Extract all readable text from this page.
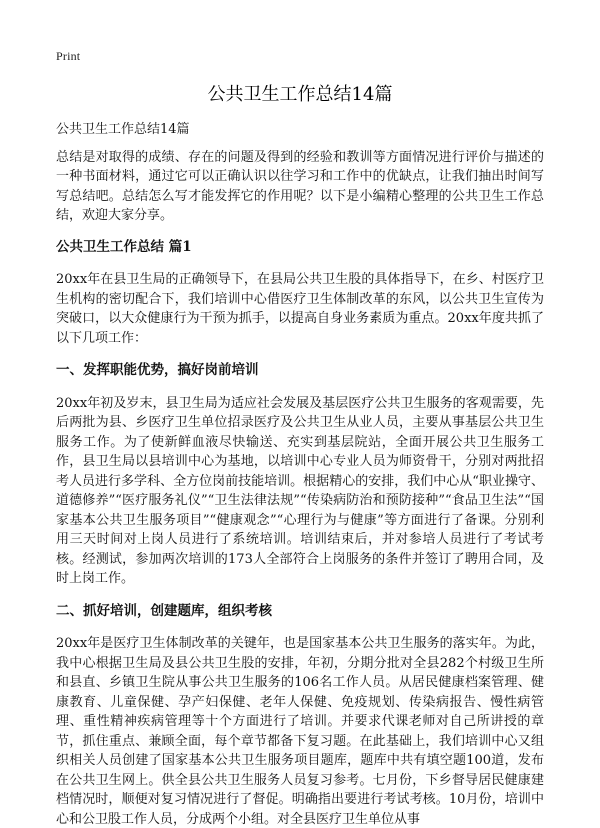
Print
公共卫生工作总结14篇

公共卫生工作总结14篇

总结是对取得的成绩、存在的问题及得到的经验和教训等方面情况进行评价与描述的一种书面材料，通过它可以正确认识以往学习和工作中的优缺点，让我们抽出时间写写总结吧。总结怎么写才能发挥它的作用呢？以下是小编精心整理的公共卫生工作总结，欢迎大家分享。

公共卫生工作总结 篇1

20xx年在县卫生局的正确领导下，在县局公共卫生股的具体指导下，在乡、村医疗卫生机构的密切配合下，我们培训中心借医疗卫生体制改革的东风，以公共卫生宣传为突破口，以大众健康行为干预为抓手，以提高自身业务素质为重点。20xx年度共抓了以下几项工作：

一、发挥职能优势，搞好岗前培训

20xx年初及岁末，县卫生局为适应社会发展及基层医疗公共卫生服务的客观需要，先后两批为县、乡医疗卫生单位招录医疗及公共卫生从业人员，主要从事基层公共卫生服务工作。为了使新鲜血液尽快输送、充实到基层院站，全面开展公共卫生服务工作，县卫生局以县培训中心为基地，以培训中心专业人员为师资骨干，分别对两批招考人员进行多学科、全方位岗前技能培训。根据精心的安排，我们中心从“职业操守、道德修养”“医疗服务礼仪”“卫生法律法规”“传染病防治和预防接种”“食品卫生法”“国家基本公共卫生服务项目”“健康观念”“心理行为与健康”等方面进行了备课。分别利用三天时间对上岗人员进行了系统培训。培训结束后，并对参培人员进行了考试考核。经测试，参加两次培训的173人全部符合上岗服务的条件并签订了聘用合同，及时上岗工作。

二、抓好培训，创建题库，组织考核

20xx年是医疗卫生体制改革的关键年，也是国家基本公共卫生服务的落实年。为此，我中心根据卫生局及县公共卫生股的安排，年初，分期分批对全县282个村级卫生所和县直、乡镇卫生院从事公共卫生服务的106名工作人员。从居民健康档案管理、健康教育、儿童保健、孕产妇保健、老年人保健、免疫规划、传染病报告、慢性病管理、重性精神疾病管理等十个方面进行了培训。并要求代课老师对自己所讲授的章节，抓住重点、兼顾全面，每个章节都备下复习题。在此基础上，我们培训中心又组织相关人员创建了国家基本公共卫生服务项目题库，题库中共有填空题100道，发布在公共卫生网上。供全县公共卫生服务人员复习参考。七月份，下乡督导居民健康建档情况时，顺便对复习情况进行了督促。明确指出要进行考试考核。10月份，培训中心和公卫股工作人员，分成两个小组。对全县医疗卫生单位从事
